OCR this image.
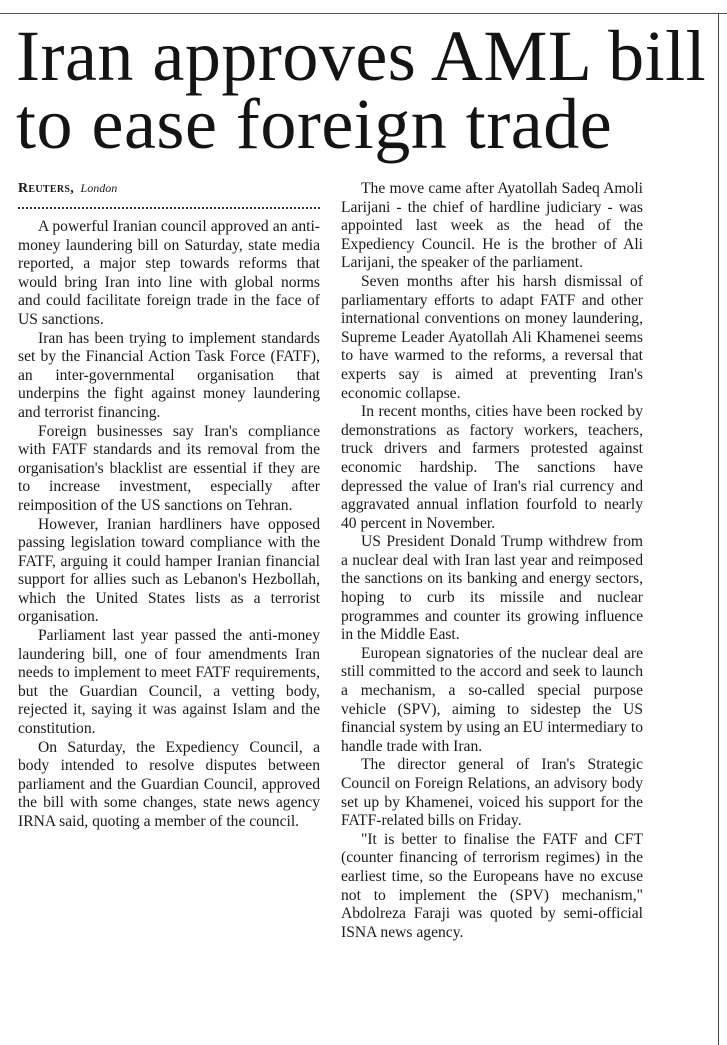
Iran approves AML bill to ease foreign trade
Reuters, London

A powerful Iranian council approved an anti-money laundering bill on Saturday, state media reported, a major step towards reforms that would bring Iran into line with global norms and could facilitate foreign trade in the face of US sanctions.

Iran has been trying to implement standards set by the Financial Action Task Force (FATF), an inter-governmental organisation that underpins the fight against money laundering and terrorist financing.

Foreign businesses say Iran's compliance with FATF standards and its removal from the organisation's blacklist are essential if they are to increase investment, especially after reimposition of the US sanctions on Tehran.

However, Iranian hardliners have opposed passing legislation toward compliance with the FATF, arguing it could hamper Iranian financial support for allies such as Lebanon's Hezbollah, which the United States lists as a terrorist organisation.

Parliament last year passed the anti-money laundering bill, one of four amendments Iran needs to implement to meet FATF requirements, but the Guardian Council, a vetting body, rejected it, saying it was against Islam and the constitution.

On Saturday, the Expediency Council, a body intended to resolve disputes between parliament and the Guardian Council, approved the bill with some changes, state news agency IRNA said, quoting a member of the council.

The move came after Ayatollah Sadeq Amoli Larijani - the chief of hardline judiciary - was appointed last week as the head of the Expediency Council. He is the brother of Ali Larijani, the speaker of the parliament.

Seven months after his harsh dismissal of parliamentary efforts to adapt FATF and other international conventions on money laundering, Supreme Leader Ayatollah Ali Khamenei seems to have warmed to the reforms, a reversal that experts say is aimed at preventing Iran's economic collapse.

In recent months, cities have been rocked by demonstrations as factory workers, teachers, truck drivers and farmers protested against economic hardship. The sanctions have depressed the value of Iran's rial currency and aggravated annual inflation fourfold to nearly 40 percent in November.

US President Donald Trump withdrew from a nuclear deal with Iran last year and reimposed the sanctions on its banking and energy sectors, hoping to curb its missile and nuclear programmes and counter its growing influence in the Middle East.

European signatories of the nuclear deal are still committed to the accord and seek to launch a mechanism, a so-called special purpose vehicle (SPV), aiming to sidestep the US financial system by using an EU intermediary to handle trade with Iran.

The director general of Iran's Strategic Council on Foreign Relations, an advisory body set up by Khamenei, voiced his support for the FATF-related bills on Friday.

"It is better to finalise the FATF and CFT (counter financing of terrorism regimes) in the earliest time, so the Europeans have no excuse not to implement the (SPV) mechanism," Abdolreza Faraji was quoted by semi-official ISNA news agency.
